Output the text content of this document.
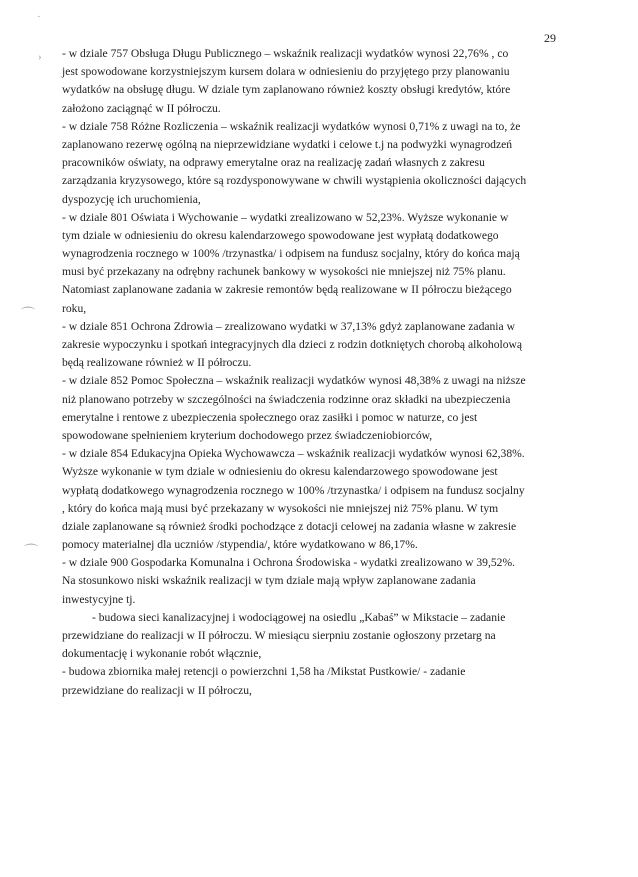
·
›
⌒
⌒
29
- w dziale 757 Obsługa Długu Publicznego – wskaźnik realizacji wydatków wynosi 22,76% , co
jest spowodowane korzystniejszym kursem dolara w odniesieniu do przyjętego przy planowaniu
wydatków na obsługę długu. W dziale tym zaplanowano również koszty obsługi kredytów, które
założono zaciągnąć w II półroczu.
- w dziale 758 Różne Rozliczenia – wskaźnik realizacji wydatków wynosi 0,71% z uwagi na to, że
zaplanowano rezerwę ogólną na nieprzewidziane wydatki i celowe t.j na podwyżki wynagrodzeń
pracowników oświaty, na odprawy emerytalne oraz na realizację zadań własnych z zakresu
zarządzania kryzysowego, które są rozdysponowywane w chwili wystąpienia okoliczności dających
dyspozycję ich uruchomienia,
- w dziale 801 Oświata i Wychowanie – wydatki zrealizowano w 52,23%. Wyższe wykonanie w
tym dziale w odniesieniu do okresu kalendarzowego spowodowane jest wypłatą dodatkowego
wynagrodzenia rocznego w 100% /trzynastka/ i odpisem na fundusz socjalny, który do końca mają
musi być przekazany na odrębny rachunek bankowy w wysokości nie mniejszej niż 75% planu.
Natomiast zaplanowane zadania w zakresie remontów będą realizowane w II półroczu bieżącego
roku,
- w dziale 851 Ochrona Zdrowia – zrealizowano wydatki w 37,13% gdyż zaplanowane zadania w
zakresie wypoczynku i spotkań integracyjnych dla dzieci z rodzin dotkniętych chorobą alkoholową
będą realizowane również w II półroczu.
- w dziale 852 Pomoc Społeczna – wskaźnik realizacji wydatków wynosi 48,38% z uwagi na niższe
niż planowano potrzeby w szczególności na świadczenia rodzinne oraz składki na ubezpieczenia
emerytalne i rentowe z ubezpieczenia społecznego oraz zasiłki i pomoc w naturze, co jest
spowodowane spełnieniem kryterium dochodowego przez świadczeniobiorców,
- w dziale 854 Edukacyjna Opieka Wychowawcza – wskaźnik realizacji wydatków wynosi 62,38%.
Wyższe wykonanie w tym dziale w odniesieniu do okresu kalendarzowego spowodowane jest
wypłatą dodatkowego wynagrodzenia rocznego w 100% /trzynastka/ i odpisem na fundusz socjalny
, który do końca mają musi być przekazany w wysokości nie mniejszej niż 75% planu. W tym
dziale zaplanowane są również środki pochodzące z dotacji celowej na zadania własne w zakresie
pomocy materialnej dla uczniów /stypendia/, które wydatkowano w 86,17%.
- w dziale 900 Gospodarka Komunalna i Ochrona Środowiska - wydatki zrealizowano w 39,52%.
Na stosunkowo niski wskaźnik realizacji w tym dziale mają wpływ zaplanowane zadania
inwestycyjne tj.
- budowa sieci kanalizacyjnej i wodociągowej na osiedlu „Kabaś” w Mikstacie – zadanie
przewidziane do realizacji w II półroczu. W miesiącu sierpniu zostanie ogłoszony przetarg na
dokumentację i wykonanie robót włącznie,
- budowa zbiornika małej retencji o powierzchni 1,58 ha /Mikstat Pustkowie/ - zadanie
przewidziane do realizacji w II półroczu,
